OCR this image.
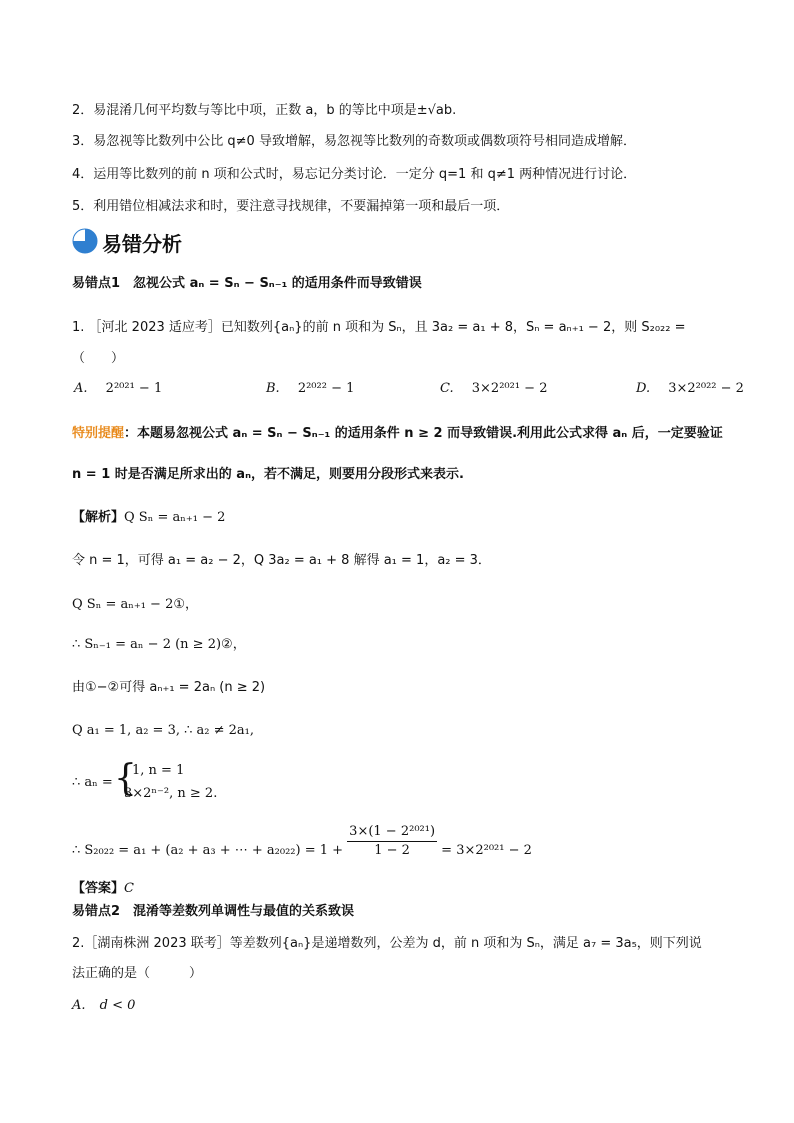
2．易混淆几何平均数与等比中项，正数 a，b 的等比中项是±√ab.
3．易忽视等比数列中公比 q≠0 导致增解，易忽视等比数列的奇数项或偶数项符号相同造成增解．
4．运用等比数列的前 n 项和公式时，易忘记分类讨论．一定分 q=1 和 q≠1 两种情况进行讨论．
5．利用错位相减法求和时，要注意寻找规律，不要漏掉第一项和最后一项．
易错分析
易错点1　忽视公式 aₙ = Sₙ − Sₙ₋₁ 的适用条件而导致错误
1. ［河北 2023 适应考］已知数列{aₙ}的前 n 项和为 Sₙ，且 3a₂ = a₁ + 8，Sₙ = aₙ₊₁ − 2，则 S₂₀₂₂ =
（　　）
A. 2²⁰²¹ − 1	B. 2²⁰²² − 1	C. 3×2²⁰²¹ − 2	D. 3×2²⁰²² − 2
特别提醒：本题易忽视公式 aₙ = Sₙ − Sₙ₋₁ 的适用条件 n ≥ 2 而导致错误.利用此公式求得 aₙ 后，一定要验证
n = 1 时是否满足所求出的 aₙ，若不满足，则要用分段形式来表示.
【解析】Q Sₙ = aₙ₊₁ − 2
令 n = 1，可得 a₁ = a₂ − 2，Q 3a₂ = a₁ + 8 解得 a₁ = 1，a₂ = 3．
Q Sₙ = aₙ₊₁ − 2①，
∴ Sₙ₋₁ = aₙ − 2 (n ≥ 2)②，
由①−②可得 aₙ₊₁ = 2aₙ (n ≥ 2)
Q a₁ = 1, a₂ = 3, ∴ a₂ ≠ 2a₁,
∴ aₙ = {
1, n = 1
3×2ⁿ⁻², n ≥ 2.
∴ S₂₀₂₂ = a₁ + (a₂ + a₃ + ⋯ + $a_{2022}) = 1 + \frac{\text{3×(1 − 2²⁰²¹)}}{1 - 2} = 3\times 2^{2021} - 2$
【答案】C
易错点2　混淆等差数列单调性与最值的关系致误
2.［湖南株洲 2023 联考］等差数列{aₙ}是递增数列，公差为 d，前 n 项和为 Sₙ，满足 a₇ = 3a₅，则下列说
法正确的是（　　　）
A. d < 0
